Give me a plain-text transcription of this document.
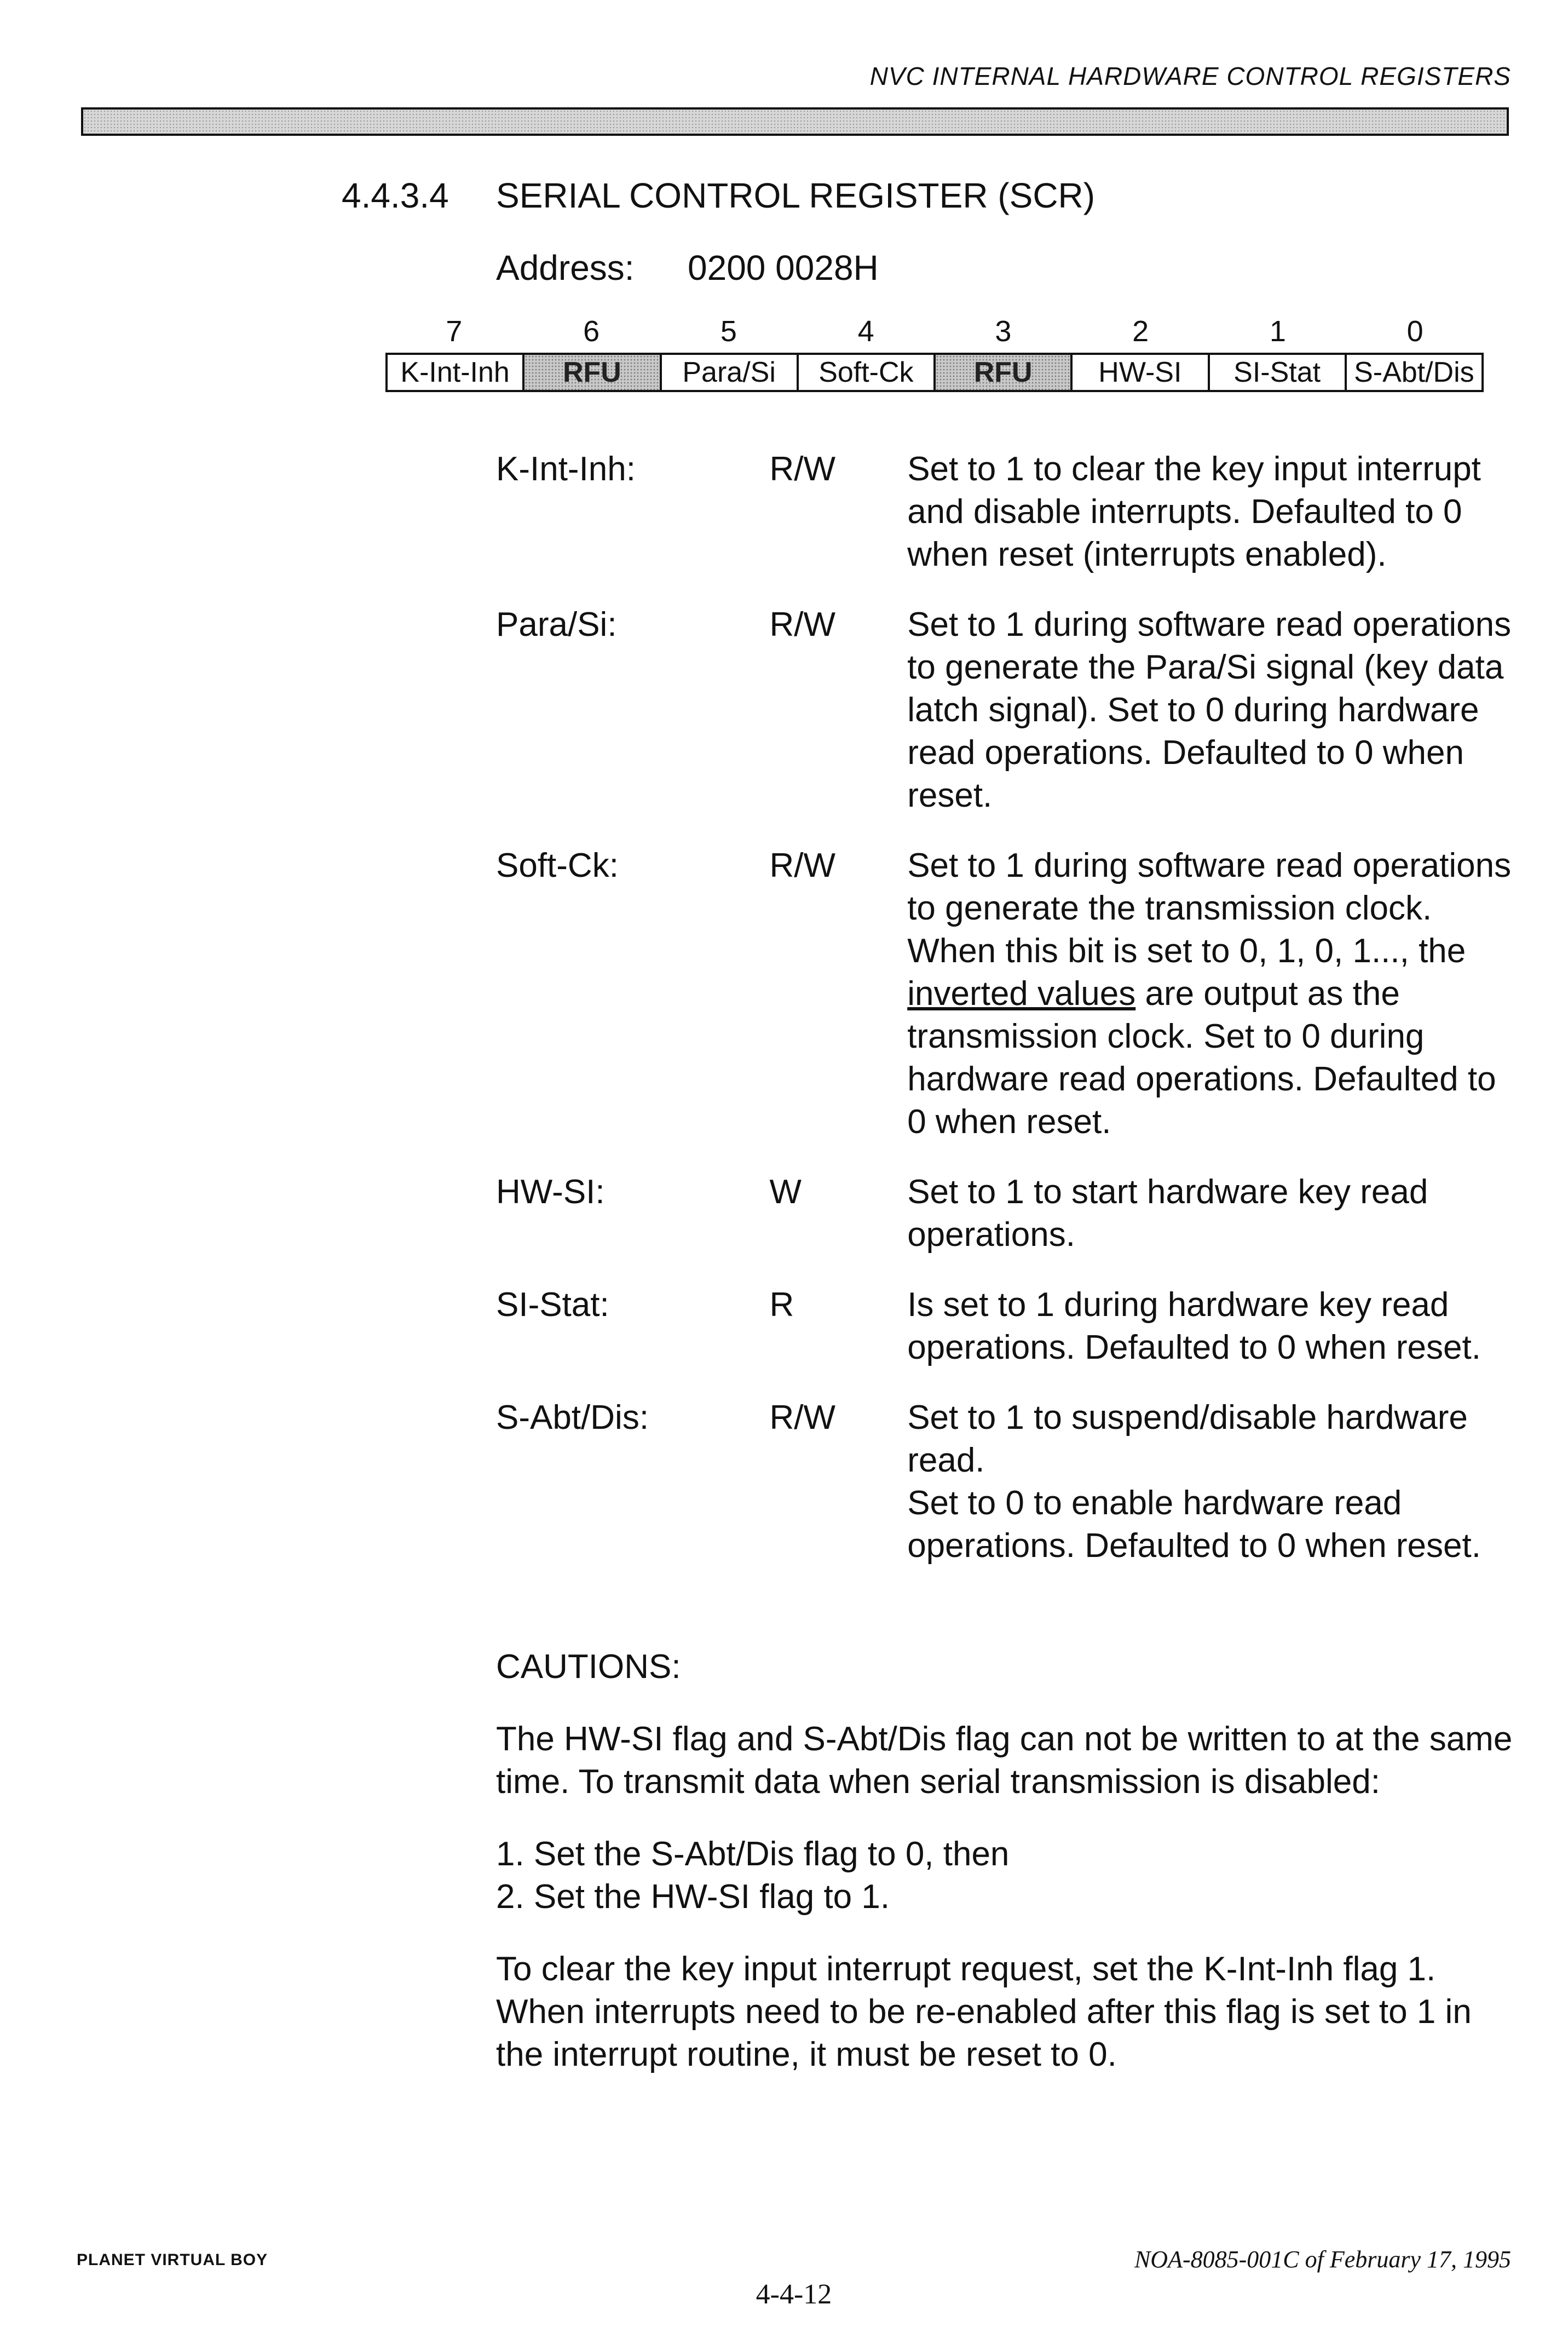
NVC INTERNAL HARDWARE CONTROL REGISTERS
4.4.3.4 SERIAL CONTROL REGISTER (SCR)
Address: 0200 0028H
7	6	5	4	3	2	1	0
K-Int-Inh	RFU	Para/Si	Soft-Ck	RFU	HW-SI	SI-Stat	S-Abt/Dis
K-Int-Inh:	R/W	Set to 1 to clear the key input interrupt and disable interrupts. Defaulted to 0 when reset (interrupts enabled).
Para/Si:	R/W	Set to 1 during software read operations to generate the Para/Si signal (key data latch signal). Set to 0 during hardware read operations. Defaulted to 0 when reset.
Soft-Ck:	R/W	Set to 1 during software read operations to generate the transmission clock. When this bit is set to 0, 1, 0, 1..., the inverted values are output as the transmission clock. Set to 0 during hardware read operations. Defaulted to 0 when reset.
HW-SI:	W	Set to 1 to start hardware key read operations.
SI-Stat:	R	Is set to 1 during hardware key read operations. Defaulted to 0 when reset.
S-Abt/Dis:	R/W	Set to 1 to suspend/disable hardware read.

Set to 0 to enable hardware read operations. Defaulted to 0 when reset.

CAUTIONS:

The HW-SI flag and S-Abt/Dis flag can not be written to at the same time. To transmit data when serial transmission is disabled:

1. Set the S-Abt/Dis flag to 0, then
2. Set the HW-SI flag to 1.

To clear the key input interrupt request, set the K-Int-Inh flag 1. When interrupts need to be re-enabled after this flag is set to 1 in the interrupt routine, it must be reset to 0.

PLANET VIRTUAL BOY	NOA-8085-001C of February 17, 1995
4-4-12
